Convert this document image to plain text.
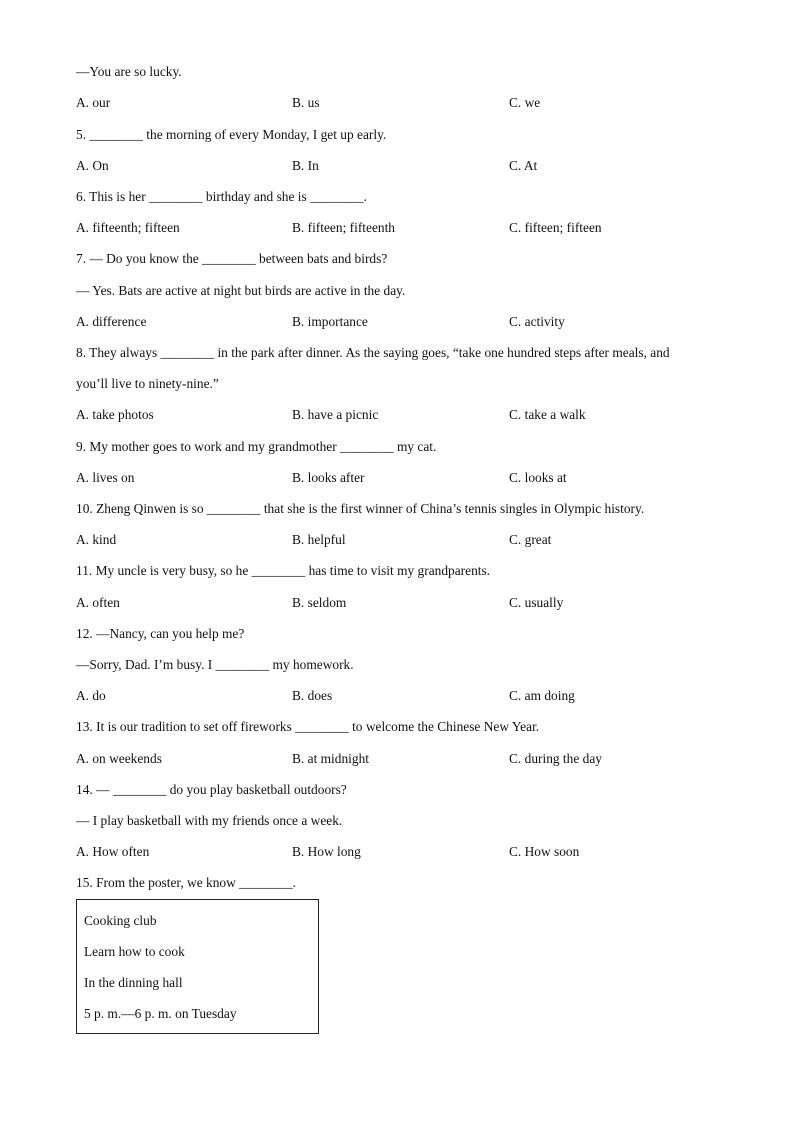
—You are so lucky.
A. our	B. us	C. we
5. ________ the morning of every Monday, I get up early.
A. On	B. In	C. At
6. This is her ________ birthday and she is ________.
A. fifteenth; fifteen	B. fifteen; fifteenth	C. fifteen; fifteen
7. — Do you know the ________ between bats and birds?
— Yes. Bats are active at night but birds are active in the day.
A. difference	B. importance	C. activity
8. They always ________ in the park after dinner. As the saying goes, “take one hundred steps after meals, and
you’ll live to ninety-nine.”
A. take photos	B. have a picnic	C. take a walk
9. My mother goes to work and my grandmother ________ my cat.
A. lives on	B. looks after	C. looks at
10. Zheng Qinwen is so ________ that she is the first winner of China’s tennis singles in Olympic history.
A. kind	B. helpful	C. great
11. My uncle is very busy, so he ________ has time to visit my grandparents.
A. often	B. seldom	C. usually
12. —Nancy, can you help me?
—Sorry, Dad. I’m busy. I ________ my homework.
A. do	B. does	C. am doing
13. It is our tradition to set off fireworks ________ to welcome the Chinese New Year.
A. on weekends	B. at midnight	C. during the day
14. — ________ do you play basketball outdoors?
— I play basketball with my friends once a week.
A. How often	B. How long	C. How soon
15. From the poster, we know ________.
Cooking club
Learn how to cook
In the dinning hall
5 p. m.—6 p. m. on Tuesday
